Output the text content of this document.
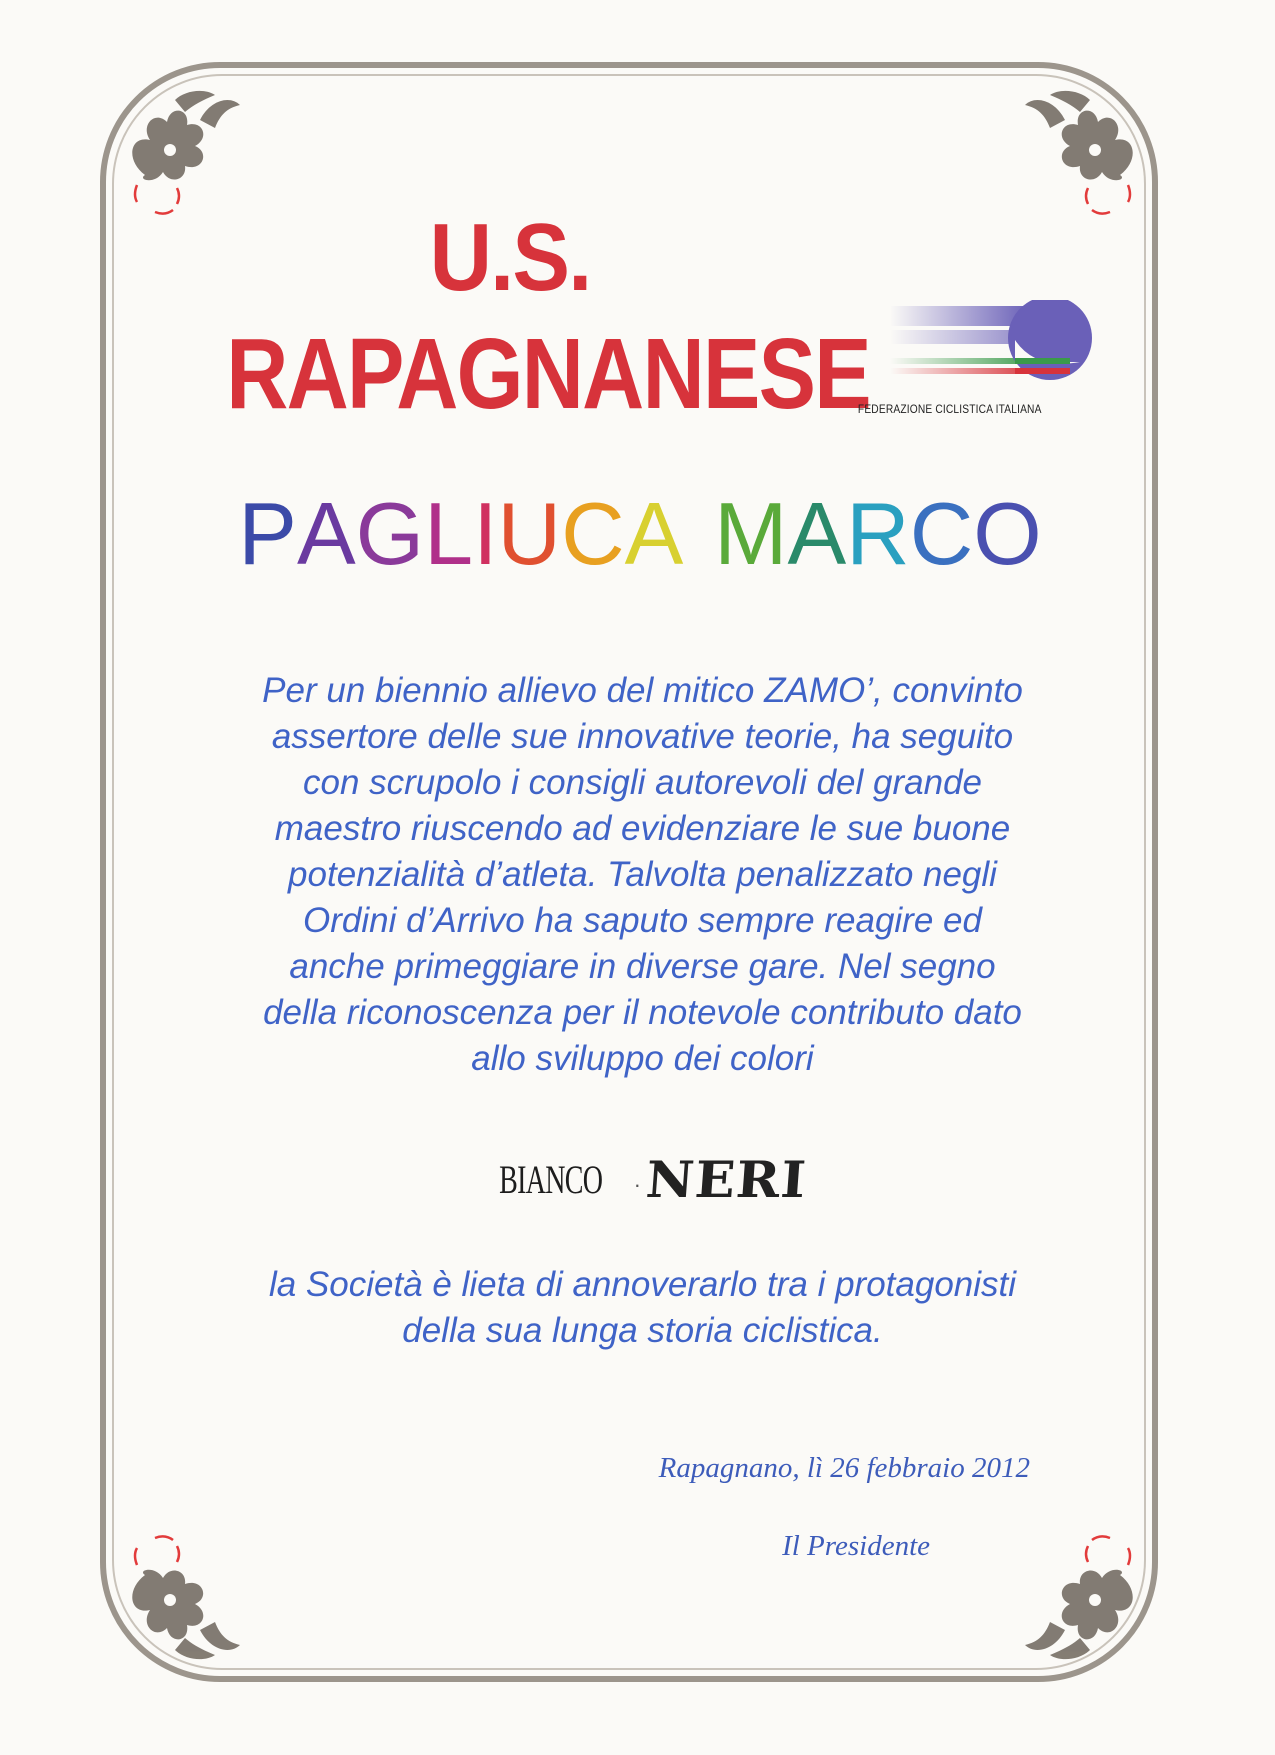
U.S.
RAPAGNANESE
FEDERAZIONE CICLISTICA ITALIANA
PAGLIUCA MARCO
Per un biennio allievo del mitico ZAMO’, convinto
assertore delle sue innovative teorie, ha seguito
con scrupolo i consigli autorevoli del grande
maestro riuscendo ad evidenziare le sue buone
potenzialità d’atleta. Talvolta penalizzato negli
Ordini d’Arrivo ha saputo sempre reagire ed
anche primeggiare in diverse gare. Nel segno
della riconoscenza per il notevole contributo dato
allo sviluppo dei colori
BIANCO .NERI
la Società è lieta di annoverarlo tra i protagonisti
della sua lunga storia ciclistica.
Rapagnano, lì 26 febbraio 2012
Il Presidente
